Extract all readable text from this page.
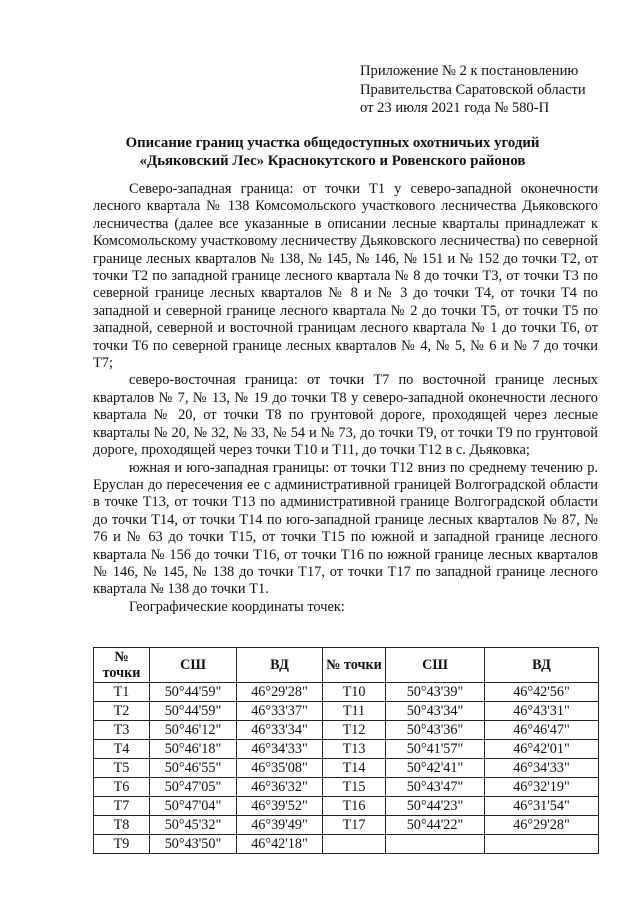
Приложение № 2 к постановлению
Правительства Саратовской области
от 23 июля 2021 года № 580-П
Описание границ участка общедоступных охотничьих угодий
«Дьяковский Лес» Краснокутского и Ровенского районов

Северо-западная граница: от точки Т1 у северо-западной оконечности лесного квартала № 138 Комсомольского участкового лесничества Дьяковского лесничества (далее все указанные в описании лесные кварталы принадлежат к Комсомольскому участковому лесничеству Дьяковского лесничества) по северной границе лесных кварталов № 138, № 145, № 146, № 151 и № 152 до точки Т2, от точки Т2 по западной границе лесного квартала № 8 до точки Т3, от точки Т3 по северной границе лесных кварталов № 8 и № 3 до точки Т4, от точки Т4 по западной и северной границе лесного квартала № 2 до точки Т5, от точки Т5 по западной, северной и восточной границам лесного квартала № 1 до точки Т6, от точки Т6 по северной границе лесных кварталов № 4, № 5, № 6 и № 7 до точки Т7;

северо-восточная граница: от точки Т7 по восточной границе лесных кварталов № 7, № 13, № 19 до точки Т8 у северо-западной оконечности лесного квартала № 20, от точки Т8 по грунтовой дороге, проходящей через лесные кварталы № 20, № 32, № 33, № 54 и № 73, до точки Т9, от точки Т9 по грунтовой дороге, проходящей через точки Т10 и Т11, до точки Т12 в с. Дьяковка;

южная и юго-западная границы: от точки Т12 вниз по среднему течению р. Еруслан до пересечения ее с административной границей Волгоградской области в точке Т13, от точки Т13 по административной границе Волгоградской области до точки Т14, от точки Т14 по юго-западной границе лесных кварталов № 87, № 76 и № 63 до точки Т15, от точки Т15 по южной и западной границе лесного квартала № 156 до точки Т16, от точки Т16 по южной границе лесных кварталов № 146, № 145, № 138 до точки Т17, от точки Т17 по западной границе лесного квартала № 138 до точки Т1.

Географические координаты точек:

№ точки	СШ	ВД	№ точки	СШ	ВД
Т1	50°44'59"	46°29'28"	Т10	50°43'39"	46°42'56"
Т2	50°44'59"	46°33'37"	Т11	50°43'34"	46°43'31"
Т3	50°46'12"	46°33'34"	Т12	50°43'36"	46°46'47"
Т4	50°46'18"	46°34'33"	Т13	50°41'57"	46°42'01"
Т5	50°46'55"	46°35'08"	Т14	50°42'41"	46°34'33"
Т6	50°47'05"	46°36'32"	Т15	50°43'47"	46°32'19"
Т7	50°47'04"	46°39'52"	Т16	50°44'23"	46°31'54"
Т8	50°45'32"	46°39'49"	Т17	50°44'22"	46°29'28"
Т9	50°43'50"	46°42'18"			
